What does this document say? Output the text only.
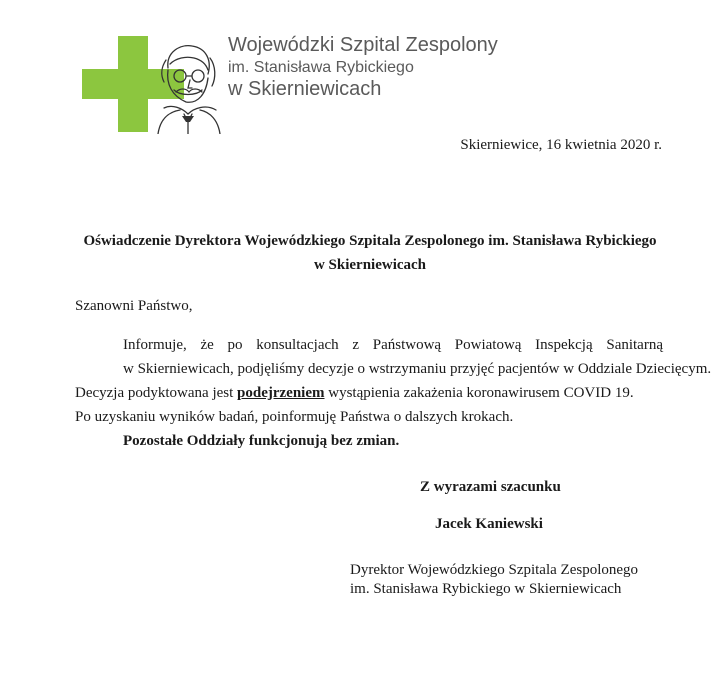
Wojewódzki Szpital Zespolony
im. Stanisława Rybickiego
w Skierniewicach
Skierniewice, 16 kwietnia 2020 r.
Oświadczenie Dyrektora Wojewódzkiego Szpitala Zespolonego im. Stanisława Rybickiego
w Skierniewicach
Szanowni Państwo,
Informuje, że po konsultacjach z Państwową Powiatową Inspekcją Sanitarną
w Skierniewicach, podjęliśmy decyzje o wstrzymaniu przyjęć pacjentów w Oddziale Dziecięcym.
Decyzja podyktowana jest podejrzeniem wystąpienia zakażenia koronawirusem COVID 19.
Po uzyskaniu wyników badań, poinformuję Państwa o dalszych krokach.
Pozostałe Oddziały funkcjonują bez zmian.
Z wyrazami szacunku
Jacek Kaniewski
Dyrektor Wojewódzkiego Szpitala Zespolonego
im. Stanisława Rybickiego w Skierniewicach
